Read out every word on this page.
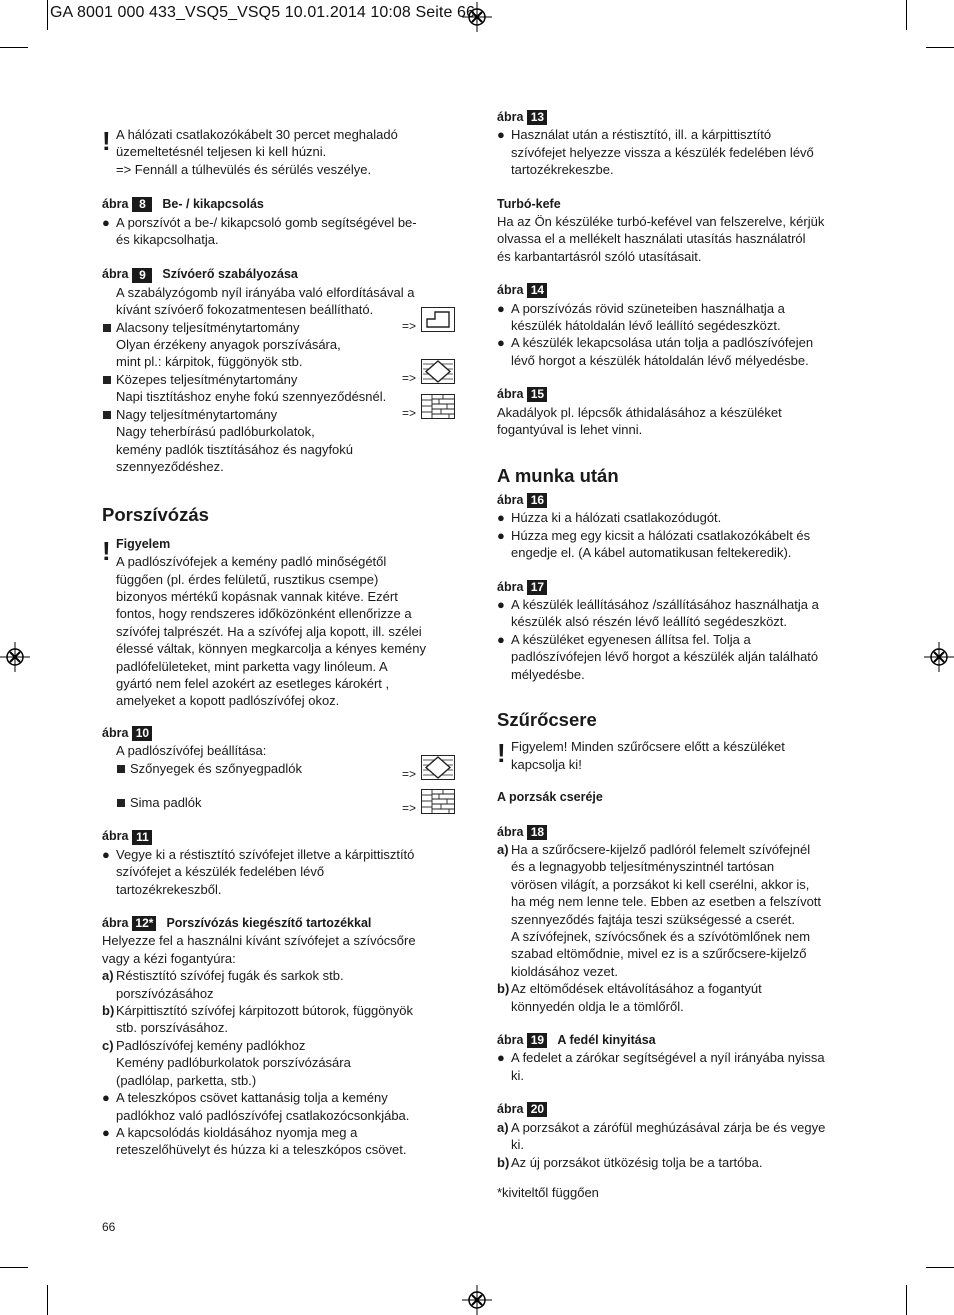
GA 8001 000 433_VSQ5_VSQ5 10.01.2014 10:08 Seite 66
! A hálózati csatlakozókábelt 30 percet meghaladó

üzemeltetésnél teljesen ki kell húzni.

=> Fennáll a túlhevülés és sérülés veszélye.

ábra 8	Be- / kikapcsolás
● A porszívót a be-/ kikapcsoló gomb segítségével be-

és kikapcsolhatja.

ábra 9	Szívóerő szabályozása

A szabályzógomb nyíl irányába való elfordításával a

kívánt szívóerő fokozatmentesen beállítható.

Alacsony teljesítménytartomány

Olyan érzékeny anyagok porszívására,

mint pl.: kárpitok, függönyök stb.

Közepes teljesítménytartomány

Napi tisztításhoz enyhe fokú szennyeződésnél.

Nagy teljesítménytartomány

Nagy teherbírású padlóburkolatok,

kemény padlók tisztításához és nagyfokú

szennyeződéshez.

Porszívózás
! Figyelem

A padlószívófejek a kemény padló minőségétől

függően (pl. érdes felületű, rusztikus csempe)

bizonyos mértékű kopásnak vannak kitéve. Ezért

fontos, hogy rendszeres időközönként ellenőrizze a

szívófej talprészét. Ha a szívófej alja kopott, ill. szélei

élessé váltak, könnyen megkarcolja a kényes kemény

padlófelületeket, mint parketta vagy linóleum. A

gyártó nem felel azokért az esetleges károkért ,

amelyeket a kopott padlószívófej okoz.

ábra 10

A padlószívófej beállítása:

Szőnyegek és szőnyegpadlók

Sima padlók

ábra 11
● Vegye ki a réstisztító szívófejet illetve a kárpittisztító

szívófejet a készülék fedelében lévő

tartozékrekeszből.

ábra 12* Porszívózás kiegészítő tartozékkal

Helyezze fel a használni kívánt szívófejet a szívócsőre

vagy a kézi fogantyúra:

a) Réstisztító szívófej fugák és sarkok stb.

porszívózásához

b) Kárpittisztító szívófej kárpitozott bútorok, függönyök

stb. porszívásához.

c) Padlószívófej kemény padlókhoz

Kemény padlóburkolatok porszívózására

(padlólap, parketta, stb.)

● A teleszkópos csövet kattanásig tolja a kemény

padlókhoz való padlószívófej csatlakozócsonkjába.

● A kapcsolódás kioldásához nyomja meg a

reteszelőhüvelyt és húzza ki a teleszkópos csövet.

=>
=>
=>
=>
=>
ábra 13
● Használat után a réstisztító, ill. a kárpittisztító

szívófejet helyezze vissza a készülék fedelében lévő

tartozékrekeszbe.

Turbó-kefe

Ha az Ön készüléke turbó-kefével van felszerelve, kérjük

olvassa el a mellékelt használati utasítás használatról

és karbantartásról szóló utasításait.

ábra 14
● A porszívózás rövid szüneteiben használhatja a

készülék hátoldalán lévő leállító segédeszközt.

● A készülék lekapcsolása után tolja a padlószívófejen

lévő horgot a készülék hátoldalán lévő mélyedésbe.

ábra 15

Akadályok pl. lépcsők áthidalásához a készüléket

fogantyúval is lehet vinni.

A munka után
ábra 16
● Húzza ki a hálózati csatlakozódugót.

● Húzza meg egy kicsit a hálózati csatlakozókábelt és

engedje el. (A kábel automatikusan feltekeredik).

ábra 17
● A készülék leállításához /szállításához használhatja a

készülék alsó részén lévő leállító segédeszközt.

● A készüléket egyenesen állítsa fel. Tolja a

padlószívófejen lévő horgot a készülék alján található

mélyedésbe.

Szűrőcsere
! Figyelem! Minden szűrőcsere előtt a készüléket

kapcsolja ki!

A porzsák cseréje

ábra 18
a) Ha a szűrőcsere-kijelző padlóról felemelt szívófejnél

és a legnagyobb teljesítményszintnél tartósan

vörösen világít, a porzsákot ki kell cserélni, akkor is,

ha még nem lenne tele. Ebben az esetben a felszívott

szennyeződés fajtája teszi szükségessé a cserét.

A szívófejnek, szívócsőnek és a szívótömlőnek nem

szabad eltömődnie, mivel ez is a szűrőcsere-kijelző

kioldásához vezet.

b) Az eltömődések eltávolításához a fogantyút

könnyedén oldja le a tömlőről.

ábra 19 A fedél kinyitása
● A fedelet a zárókar segítségével a nyíl irányába nyissa

ki.

ábra 20
a) A porzsákot a zárófül meghúzásával zárja be és vegye

ki.

b) Az új porzsákot ütközésig tolja be a tartóba.

*kiviteltől függően

66
